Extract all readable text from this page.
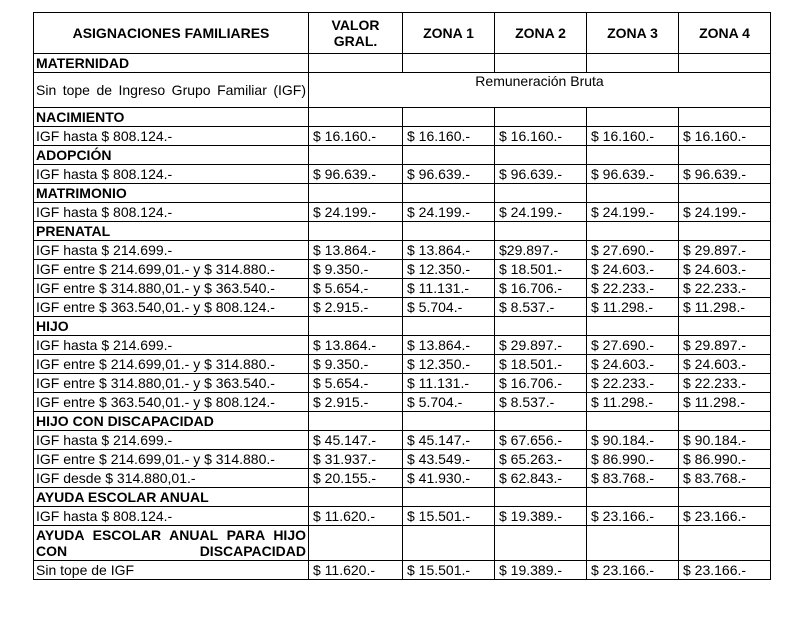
ASIGNACIONES FAMILIARES	VALOR GRAL.	ZONA 1	ZONA 2	ZONA 3	ZONA 4
MATERNIDAD					
Sin tope de Ingreso Grupo Familiar (IGF)	Remuneración Bruta				
NACIMIENTO					
IGF hasta $ 808.124.-	$ 16.160.-	$ 16.160.-	$ 16.160.-	$ 16.160.-	$ 16.160.-
ADOPCIÓN					
IGF hasta $ 808.124.-	$ 96.639.-	$ 96.639.-	$ 96.639.-	$ 96.639.-	$ 96.639.-
MATRIMONIO					
IGF hasta $ 808.124.-	$ 24.199.-	$ 24.199.-	$ 24.199.-	$ 24.199.-	$ 24.199.-
PRENATAL					
IGF hasta $ 214.699.-	$ 13.864.-	$ 13.864.-	$29.897.-	$ 27.690.-	$ 29.897.-
IGF entre $ 214.699,01.- y $ 314.880.-	$ 9.350.-	$ 12.350.-	$ 18.501.-	$ 24.603.-	$ 24.603.-
IGF entre $ 314.880,01.- y $ 363.540.-	$ 5.654.-	$ 11.131.-	$ 16.706.-	$ 22.233.-	$ 22.233.-
IGF entre $ 363.540,01.- y $ 808.124.-	$ 2.915.-	$ 5.704.-	$ 8.537.-	$ 11.298.-	$ 11.298.-
HIJO					
IGF hasta $ 214.699.-	$ 13.864.-	$ 13.864.-	$ 29.897.-	$ 27.690.-	$ 29.897.-
IGF entre $ 214.699,01.- y $ 314.880.-	$ 9.350.-	$ 12.350.-	$ 18.501.-	$ 24.603.-	$ 24.603.-
IGF entre $ 314.880,01.- y $ 363.540.-	$ 5.654.-	$ 11.131.-	$ 16.706.-	$ 22.233.-	$ 22.233.-
IGF entre $ 363.540,01.- y $ 808.124.-	$ 2.915.-	$ 5.704.-	$ 8.537.-	$ 11.298.-	$ 11.298.-
HIJO CON DISCAPACIDAD					
IGF hasta $ 214.699.-	$ 45.147.-	$ 45.147.-	$ 67.656.-	$ 90.184.-	$ 90.184.-
IGF entre $ 214.699,01.- y $ 314.880.-	$ 31.937.-	$ 43.549.-	$ 65.263.-	$ 86.990.-	$ 86.990.-
IGF desde $ 314.880,01.-	$ 20.155.-	$ 41.930.-	$ 62.843.-	$ 83.768.-	$ 83.768.-
AYUDA ESCOLAR ANUAL					
IGF hasta $ 808.124.-	$ 11.620.-	$ 15.501.-	$ 19.389.-	$ 23.166.-	$ 23.166.-
AYUDA ESCOLAR ANUAL PARA HIJO CON DISCAPACIDAD					
Sin tope de IGF	$ 11.620.-	$ 15.501.-	$ 19.389.-	$ 23.166.-	$ 23.166.-
